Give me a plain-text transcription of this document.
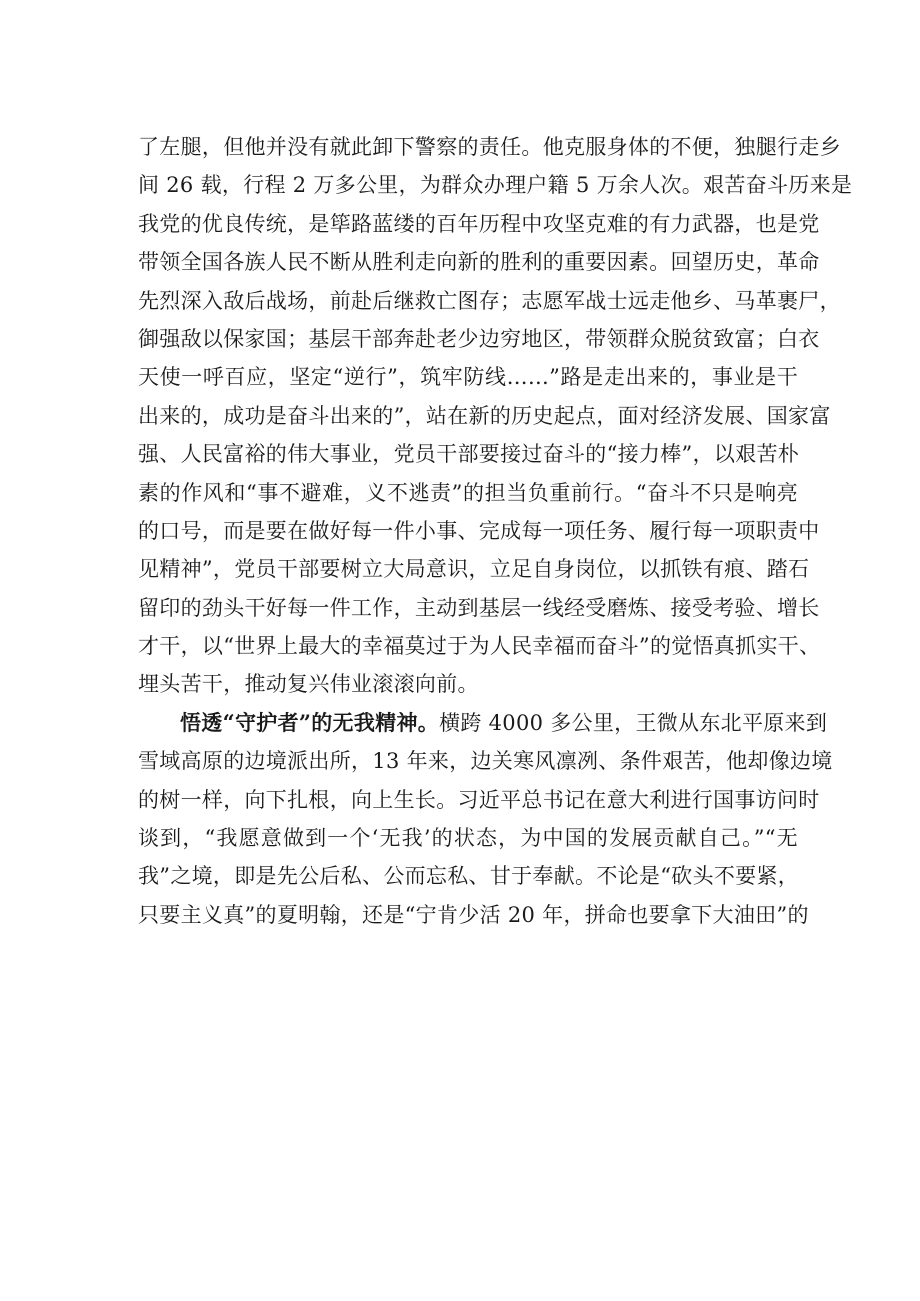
了左腿，但他并没有就此卸下警察的责任。他克服身体的不便，独腿行走乡
间 26 载，行程 2 万多公里，为群众办理户籍 5 万余人次。艰苦奋斗历来是
我党的优良传统，是筚路蓝缕的百年历程中攻坚克难的有力武器，也是党
带领全国各族人民不断从胜利走向新的胜利的重要因素。回望历史，革命
先烈深入敌后战场，前赴后继救亡图存；志愿军战士远走他乡、马革裹尸，
御强敌以保家国；基层干部奔赴老少边穷地区，带领群众脱贫致富；白衣
天使一呼百应，坚定“逆行”，筑牢防线……”路是走出来的，事业是干
出来的，成功是奋斗出来的”，站在新的历史起点，面对经济发展、国家富
强、人民富裕的伟大事业，党员干部要接过奋斗的“接力棒”，以艰苦朴
素的作风和“事不避难，义不逃责”的担当负重前行。“奋斗不只是响亮
的口号，而是要在做好每一件小事、完成每一项任务、履行每一项职责中
见精神”，党员干部要树立大局意识，立足自身岗位，以抓铁有痕、踏石
留印的劲头干好每一件工作，主动到基层一线经受磨炼、接受考验、增长
才干，以“世界上最大的幸福莫过于为人民幸福而奋斗”的觉悟真抓实干、
埋头苦干，推动复兴伟业滚滚向前。
悟透“守护者”的无我精神。横跨 4000 多公里，王微从东北平原来到
雪域高原的边境派出所，13 年来，边关寒风凛冽、条件艰苦，他却像边境
的树一样，向下扎根，向上生长。习近平总书记在意大利进行国事访问时
谈到，“我愿意做到一个‘无我’的状态，为中国的发展贡献自己。”“无
我”之境，即是先公后私、公而忘私、甘于奉献。不论是“砍头不要紧，
只要主义真”的夏明翰，还是“宁肯少活 20 年，拼命也要拿下大油田”的
